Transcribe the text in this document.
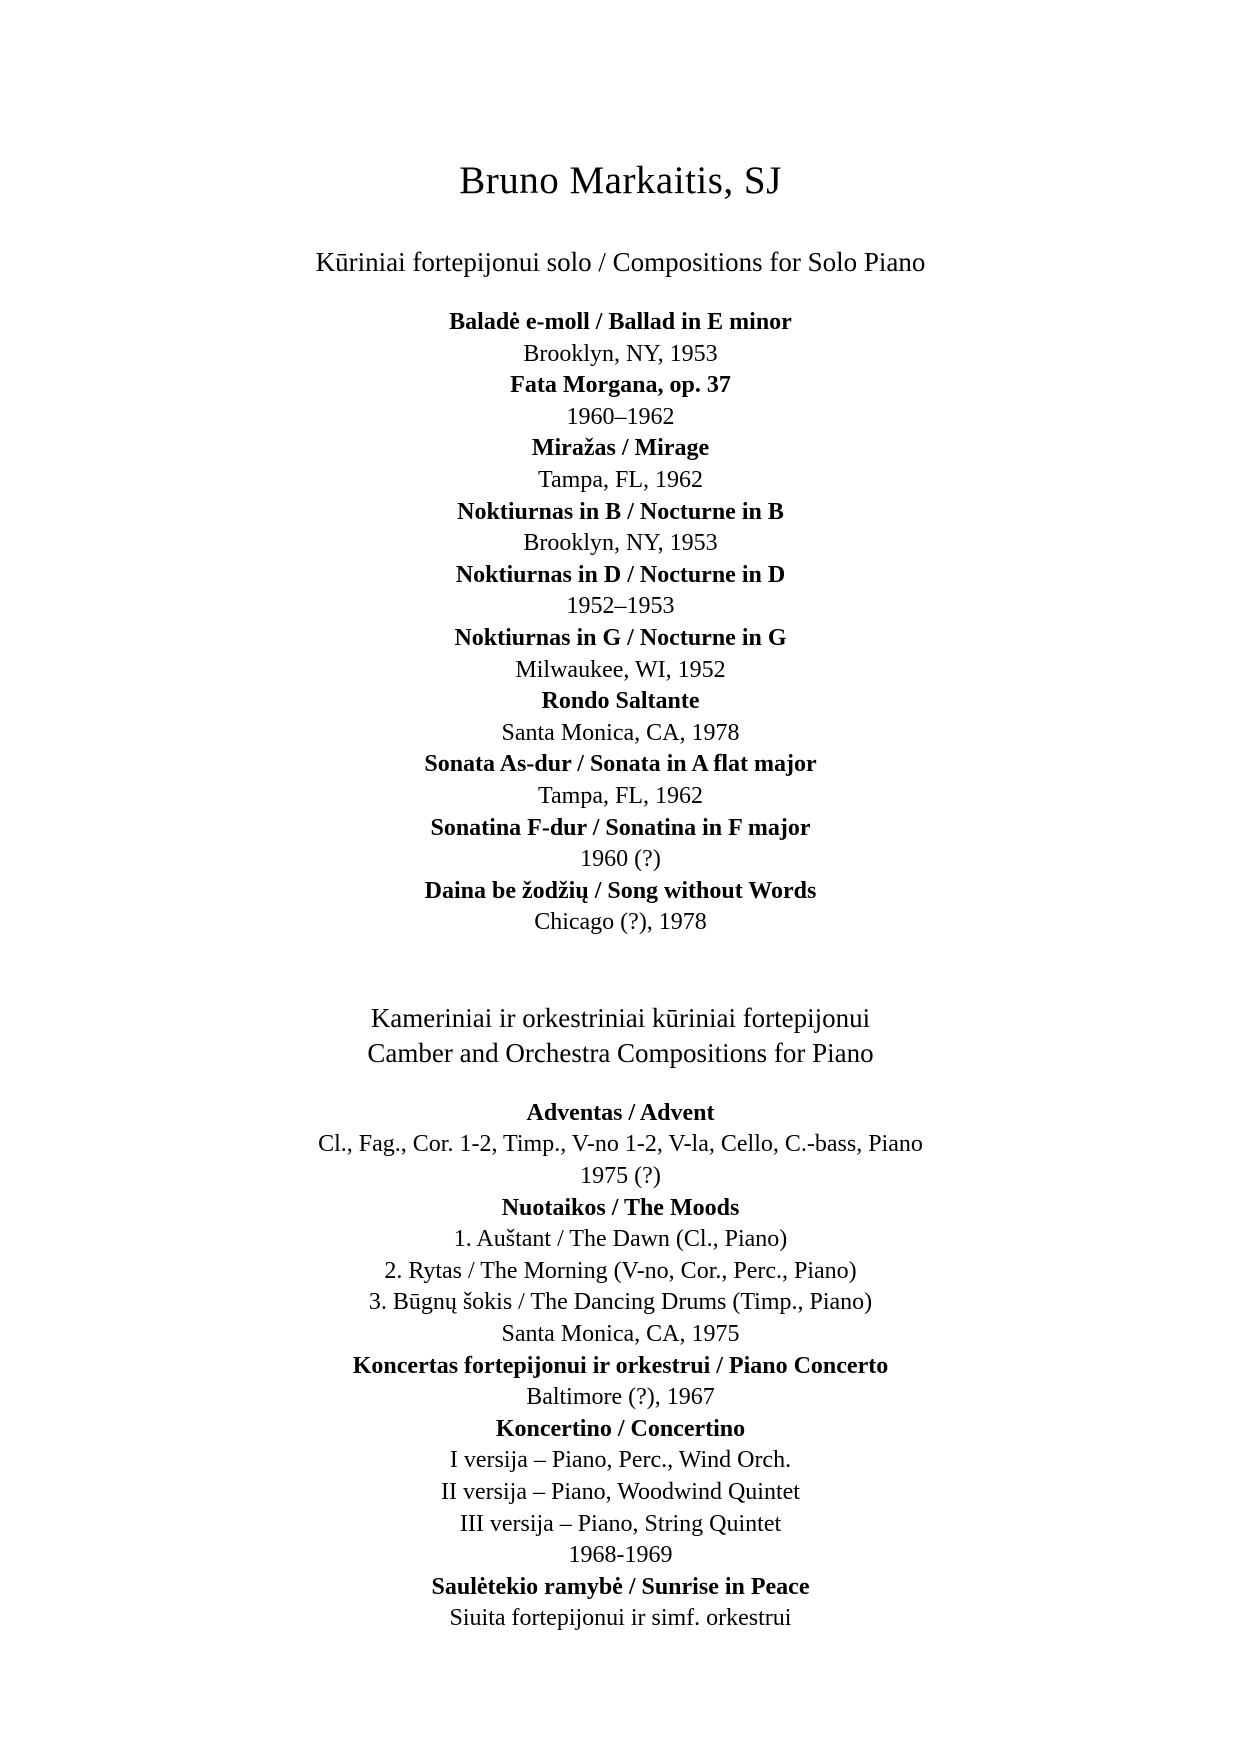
Bruno Markaitis, SJ
Kūriniai fortepijonui solo / Compositions for Solo Piano
Baladė e-moll / Ballad in E minor
Brooklyn, NY, 1953
Fata Morgana, op. 37
1960–1962
Miražas / Mirage
Tampa, FL, 1962
Noktiurnas in B / Nocturne in B
Brooklyn, NY, 1953
Noktiurnas in D / Nocturne in D
1952–1953
Noktiurnas in G / Nocturne in G
Milwaukee, WI, 1952
Rondo Saltante
Santa Monica, CA, 1978
Sonata As-dur / Sonata in A flat major
Tampa, FL, 1962
Sonatina F-dur / Sonatina in F major
1960 (?)
Daina be žodžių / Song without Words
Chicago (?), 1978
Kameriniai ir orkestriniai kūriniai fortepijonui
Camber and Orchestra Compositions for Piano
Adventas / Advent
Cl., Fag., Cor. 1-2, Timp., V-no 1-2, V-la, Cello, C.-bass, Piano
1975 (?)
Nuotaikos / The Moods
1. Auštant / The Dawn (Cl., Piano)
2. Rytas / The Morning (V-no, Cor., Perc., Piano)
3. Būgnų šokis / The Dancing Drums (Timp., Piano)
Santa Monica, CA, 1975
Koncertas fortepijonui ir orkestrui / Piano Concerto
Baltimore (?), 1967
Koncertino / Concertino
I versija – Piano, Perc., Wind Orch.
II versija – Piano, Woodwind Quintet
III versija – Piano, String Quintet
1968-1969
Saulėtekio ramybė / Sunrise in Peace
Siuita fortepijonui ir simf. orkestrui
